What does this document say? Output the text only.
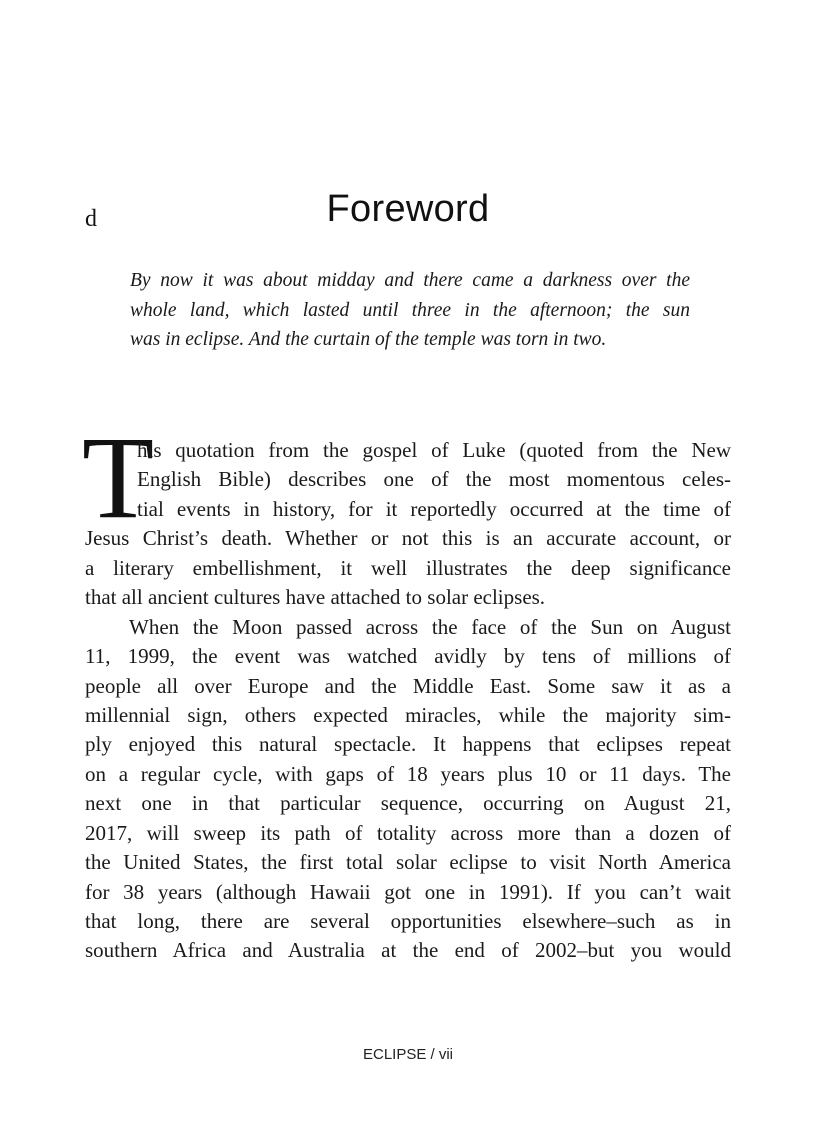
d	Foreword
By now it was about midday and there came a darkness over the
whole land, which lasted until three in the afternoon; the sun
was in eclipse. And the curtain of the temple was torn in two.
T
his quotation from the gospel of Luke (quoted from the New
English Bible) describes one of the most momentous celes-
tial events in history, for it reportedly occurred at the time of
Jesus Christ’s death. Whether or not this is an accurate account, or
a literary embellishment, it well illustrates the deep significance
that all ancient cultures have attached to solar eclipses.
When the Moon passed across the face of the Sun on August
11, 1999, the event was watched avidly by tens of millions of
people all over Europe and the Middle East. Some saw it as a
millennial sign, others expected miracles, while the majority sim-
ply enjoyed this natural spectacle. It happens that eclipses repeat
on a regular cycle, with gaps of 18 years plus 10 or 11 days. The
next one in that particular sequence, occurring on August 21,
2017, will sweep its path of totality across more than a dozen of
the United States, the first total solar eclipse to visit North America
for 38 years (although Hawaii got one in 1991). If you can’t wait
that long, there are several opportunities elsewhere–such as in
southern Africa and Australia at the end of 2002–but you would
ECLIPSE / vii
